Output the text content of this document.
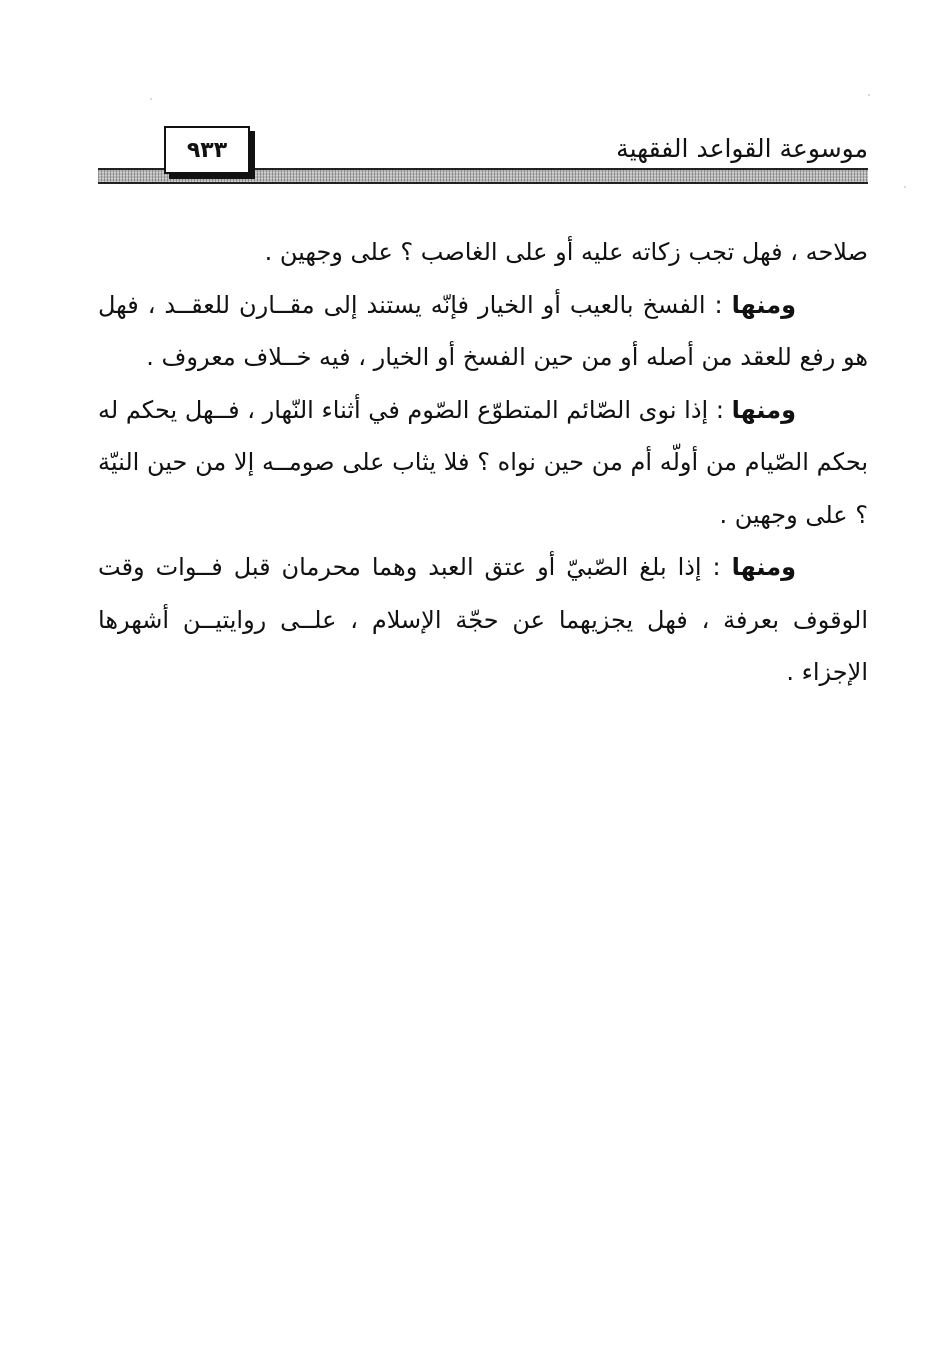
موسوعة القواعد الفقهية
٩٣٣

صلاحه ، فهل تجب زكاته عليه أو على الغاصب ؟ على وجهين .

ومنها : الفسخ بالعيب أو الخيار فإنّه يستند إلى مقــارن للعقــد ، فهل هو رفع للعقد من أصله أو من حين الفسخ أو الخيار ، فيه خــلاف معروف .

ومنها : إذا نوى الصّائم المتطوّع الصّوم في أثناء النّهار ، فــهل يحكم له بحكم الصّيام من أولّه أم من حين نواه ؟ فلا يثاب على صومــه إلا من حين النيّة ؟ على وجهين .

ومنها : إذا بلغ الصّبيّ أو عتق العبد وهما محرمان قبل فــوات وقت الوقوف بعرفة ، فهل يجزيهما عن حجّة الإسلام ، علــى روايتيــن أشهرها الإجزاء .
